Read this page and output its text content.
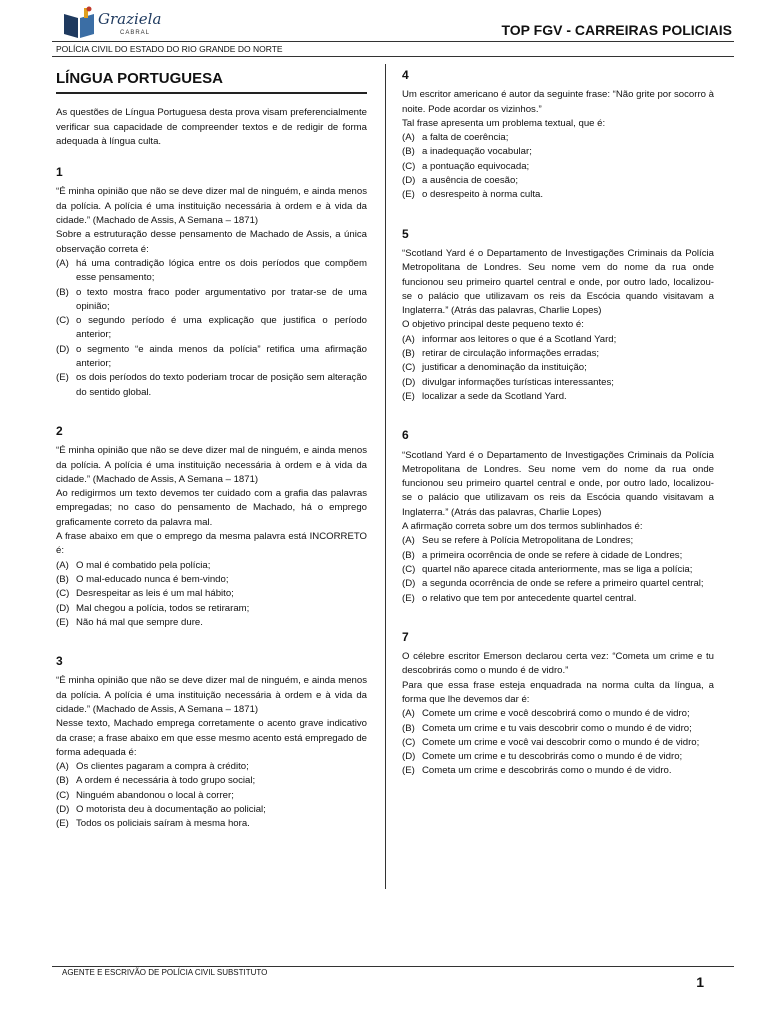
Graziela
CABRAL	TOP FGV - CARREIRAS POLICIAIS
POLÍCIA CIVIL DO ESTADO DO RIO GRANDE DO NORTE
LÍNGUA PORTUGUESA

As questões de Língua Portuguesa desta prova visam preferencialmente verificar sua capacidade de compreender textos e de redigir de forma adequada à língua culta.

1

“É minha opinião que não se deve dizer mal de ninguém, e ainda menos da polícia. A polícia é uma instituição necessária à ordem e à vida da cidade.” (Machado de Assis, A Semana – 1871)

Sobre a estruturação desse pensamento de Machado de Assis, a única observação correta é:

(A) há uma contradição lógica entre os dois períodos que compõem esse pensamento;
(B) o texto mostra fraco poder argumentativo por tratar-se de uma opinião;
(C) o segundo período é uma explicação que justifica o período anterior;
(D) o segmento “e ainda menos da polícia” retifica uma afirmação anterior;
(E) os dois períodos do texto poderiam trocar de posição sem alteração do sentido global.
2

“É minha opinião que não se deve dizer mal de ninguém, e ainda menos da polícia. A polícia é uma instituição necessária à ordem e à vida da cidade.” (Machado de Assis, A Semana – 1871)

Ao redigirmos um texto devemos ter cuidado com a grafia das palavras empregadas; no caso do pensamento de Machado, há o emprego graficamente correto da palavra mal.

A frase abaixo em que o emprego da mesma palavra está INCORRETO é:

(A) O mal é combatido pela polícia;
(B) O mal-educado nunca é bem-vindo;
(C) Desrespeitar as leis é um mal hábito;
(D) Mal chegou a polícia, todos se retiraram;
(E) Não há mal que sempre dure.
3

“É minha opinião que não se deve dizer mal de ninguém, e ainda menos da polícia. A polícia é uma instituição necessária à ordem e à vida da cidade.” (Machado de Assis, A Semana – 1871)

Nesse texto, Machado emprega corretamente o acento grave indicativo da crase; a frase abaixo em que esse mesmo acento está empregado de forma adequada é:

(A) Os clientes pagaram a compra à crédito;
(B) A ordem é necessária à todo grupo social;
(C) Ninguém abandonou o local à correr;
(D) O motorista deu à documentação ao policial;
(E) Todos os policiais saíram à mesma hora.
4

Um escritor americano é autor da seguinte frase: “Não grite por socorro à noite. Pode acordar os vizinhos.”

Tal frase apresenta um problema textual, que é:

(A) a falta de coerência;
(B) a inadequação vocabular;
(C) a pontuação equivocada;
(D) a ausência de coesão;
(E) o desrespeito à norma culta.
5

“Scotland Yard é o Departamento de Investigações Criminais da Polícia Metropolitana de Londres. Seu nome vem do nome da rua onde funcionou seu primeiro quartel central e onde, por outro lado, localizou-se o palácio que utilizavam os reis da Escócia quando visitavam a Inglaterra.” (Atrás das palavras, Charlie Lopes)

O objetivo principal deste pequeno texto é:

(A) informar aos leitores o que é a Scotland Yard;
(B) retirar de circulação informações erradas;
(C) justificar a denominação da instituição;
(D) divulgar informações turísticas interessantes;
(E) localizar a sede da Scotland Yard.
6

“Scotland Yard é o Departamento de Investigações Criminais da Polícia Metropolitana de Londres. Seu nome vem do nome da rua onde funcionou seu primeiro quartel central e onde, por outro lado, localizou-se o palácio que utilizavam os reis da Escócia quando visitavam a Inglaterra.” (Atrás das palavras, Charlie Lopes)

A afirmação correta sobre um dos termos sublinhados é:

(A) Seu se refere à Polícia Metropolitana de Londres;
(B) a primeira ocorrência de onde se refere à cidade de Londres;
(C) quartel não aparece citada anteriormente, mas se liga a polícia;
(D) a segunda ocorrência de onde se refere a primeiro quartel central;
(E) o relativo que tem por antecedente quartel central.
7

O célebre escritor Emerson declarou certa vez: “Cometa um crime e tu descobrirás como o mundo é de vidro.”

Para que essa frase esteja enquadrada na norma culta da língua, a forma que lhe devemos dar é:

(A) Comete um crime e você descobrirá como o mundo é de vidro;
(B) Cometa um crime e tu vais descobrir como o mundo é de vidro;
(C) Comete um crime e você vai descobrir como o mundo é de vidro;
(D) Comete um crime e tu descobrirás como o mundo é de vidro;
(E) Cometa um crime e descobrirás como o mundo é de vidro.
AGENTE E ESCRIVÃO DE POLÍCIA CIVIL SUBSTITUTO
1
